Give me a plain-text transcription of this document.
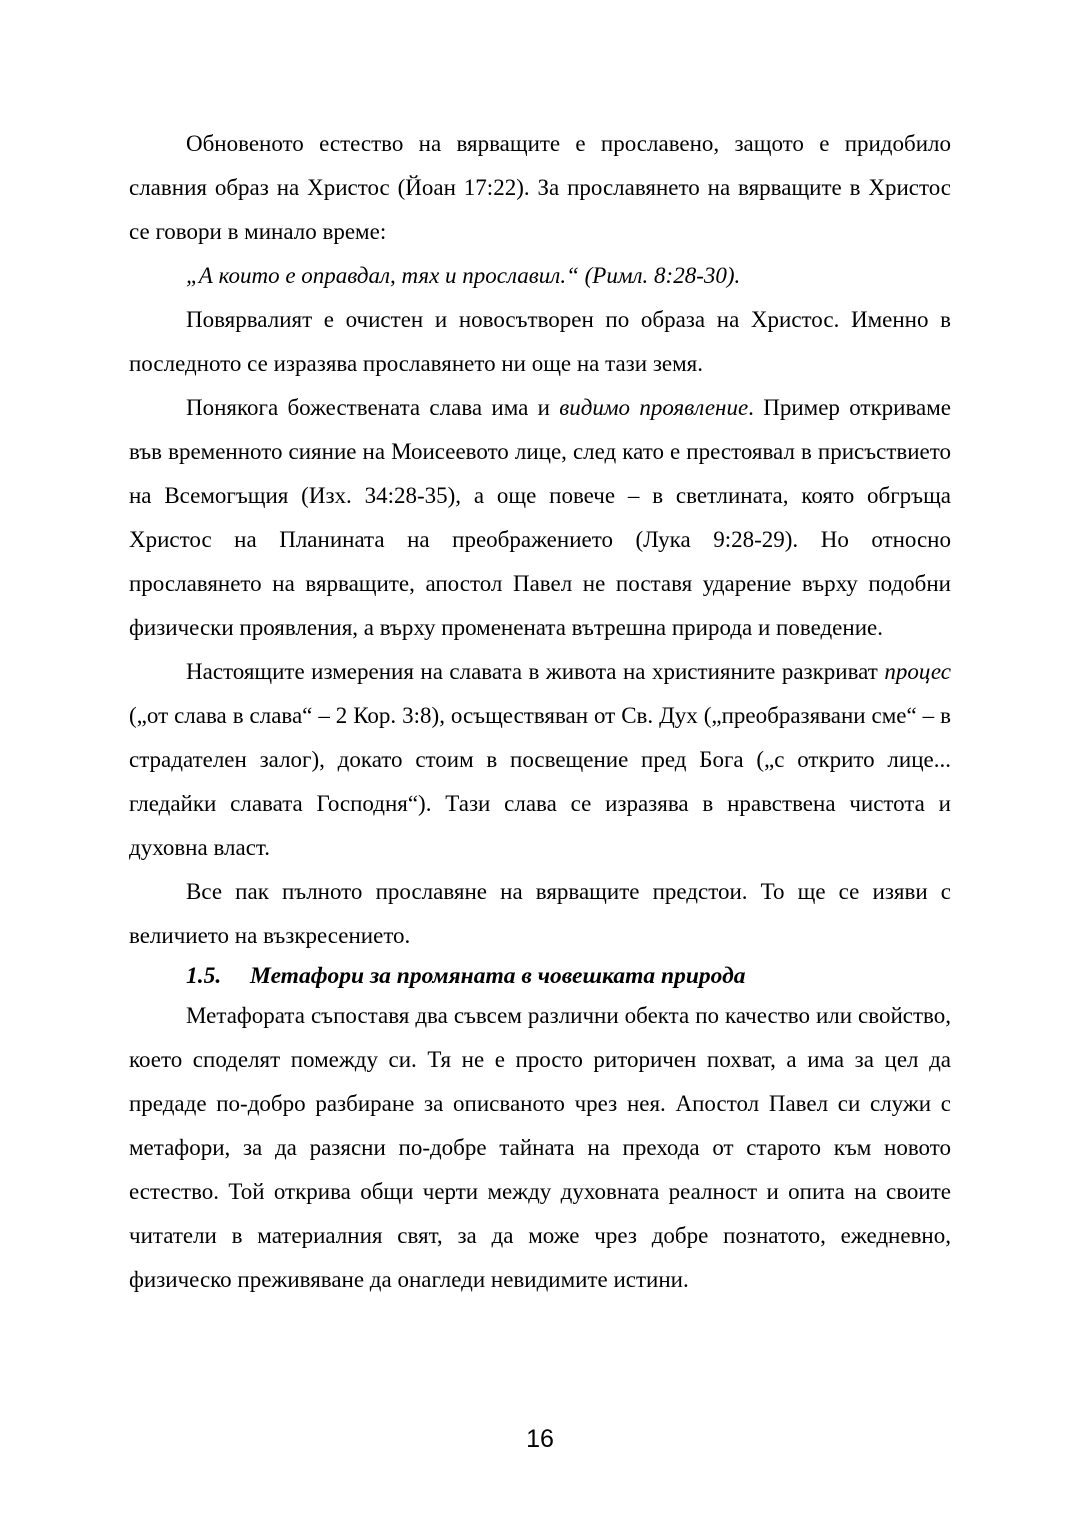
Обновеното естество на вярващите е прославено, защото е придобило славния образ на Христос (Йоан 17:22). За прославянето на вярващите в Христос се говори в минало време:

„А които е оправдал, тях и прославил.“ (Римл. 8:28-30).

Повярвалият е очистен и новосътворен по образа на Христос. Именно в последното се изразява прославянето ни още на тази земя.

Понякога божествената слава има и видимо проявление. Пример откриваме във временното сияние на Моисеевото лице, след като е престоявал в присъствието на Всемогъщия (Изх. 34:28-35), а още повече – в светлината, която обгръща Христос на Планината на преображението (Лука 9:28-29). Но относно прославянето на вярващите, апостол Павел не поставя ударение върху подобни физически проявления, а върху променената вътрешна природа и поведение.

Настоящите измерения на славата в живота на християните разкриват процес („от слава в слава“ – 2 Кор. 3:8), осъществяван от Св. Дух („преобразявани сме“ – в страдателен залог), докато стоим в посвещение пред Бога („с открито лице... гледайки славата Господня“). Тази слава се изразява в нравствена чистота и духовна власт.

Все пак пълното прославяне на вярващите предстои. То ще се изяви с величието на възкресението.

1.5.	Метафори за промяната в човешката природа

Метафората съпоставя два съвсем различни обекта по качество или свойство, което споделят помежду си. Тя не е просто риторичен похват, а има за цел да предаде по-добро разбиране за описваното чрез нея. Апостол Павел си служи с метафори, за да разясни по-добре тайната на прехода от старото към новото естество. Той открива общи черти между духовната реалност и опита на своите читатели в материалния свят, за да може чрез добре познатото, ежедневно, физическо преживяване да онагледи невидимите истини.

16
